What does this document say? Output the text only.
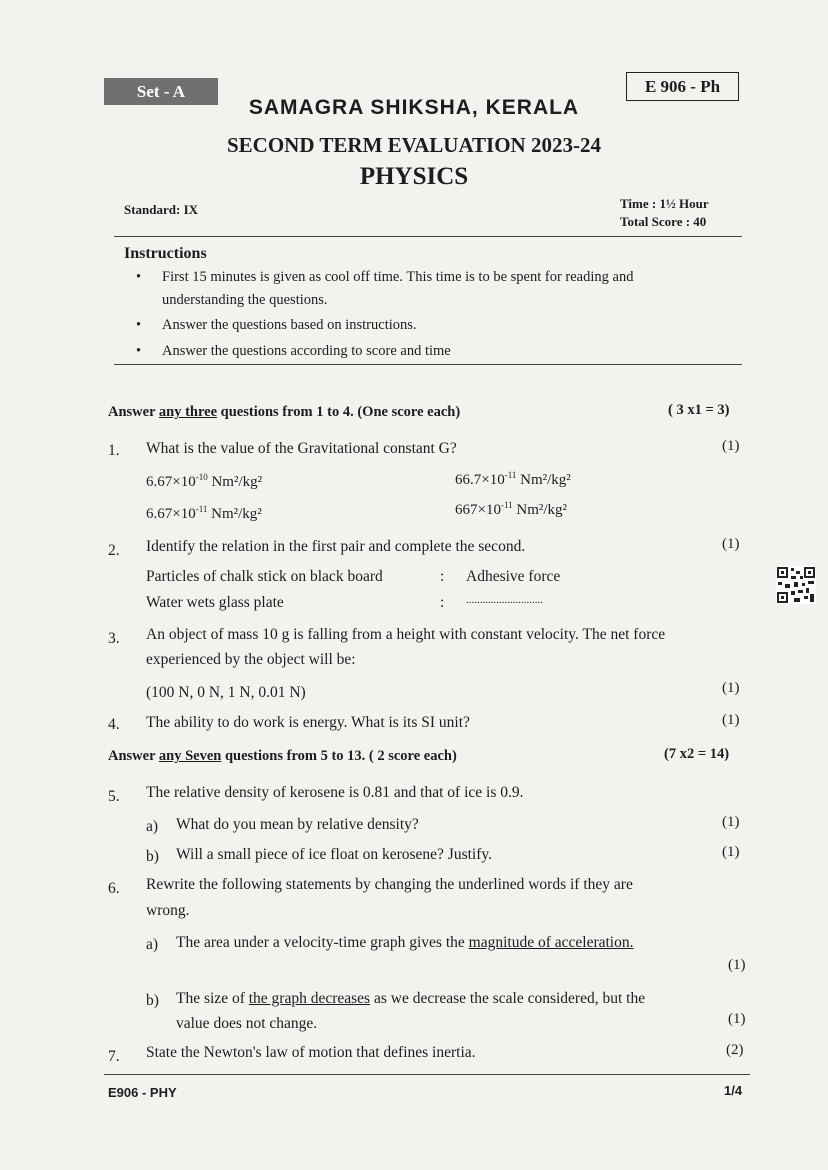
Set - A	E 906 - Ph
SAMAGRA SHIKSHA, KERALA
SECOND TERM EVALUATION 2023-24
PHYSICS
Standard: IX	Time : 1½ Hour
Total Score : 40
Instructions
• First 15 minutes is given as cool off time. This time is to be spent for reading and understanding the questions.
• Answer the questions based on instructions.
• Answer the questions according to score and time
Answer any three questions from 1 to 4. (One score each)	( 3 x1 = 3)
1. What is the value of the Gravitational constant G?	(1)
$6.67\times 10^{-10}$ Nm²/kg²	$66.7\times 10^{-11}$ Nm²/kg²
$6.67\times 10^{-11}$ Nm²/kg²	$667\times 10^{-11}$ Nm²/kg²
2. Identify the relation in the first pair and complete the second.	(1)
Particles of chalk stick on black board	: Adhesive force
Water wets glass plate	: ............................
3. An object of mass 10 g is falling from a height with constant velocity. The net force
experienced by the object will be:
(100 N, 0 N, 1 N, 0.01 N)	(1)
4. The ability to do work is energy. What is its SI unit?	(1)
Answer any Seven questions from 5 to 13. ( 2 score each)	(7 x2 = 14)
5. The relative density of kerosene is 0.81 and that of ice is 0.9.
a) What do you mean by relative density?	(1)
b) Will a small piece of ice float on kerosene? Justify.	(1)
6. Rewrite the following statements by changing the underlined words if they are
wrong.
a) The area under a velocity-time graph gives the magnitude of acceleration.
(1)
b) The size of the graph decreases as we decrease the scale considered, but the
value does not change.	(1)
7. State the Newton's law of motion that defines inertia.	(2)
E906 - PHY	1/4
